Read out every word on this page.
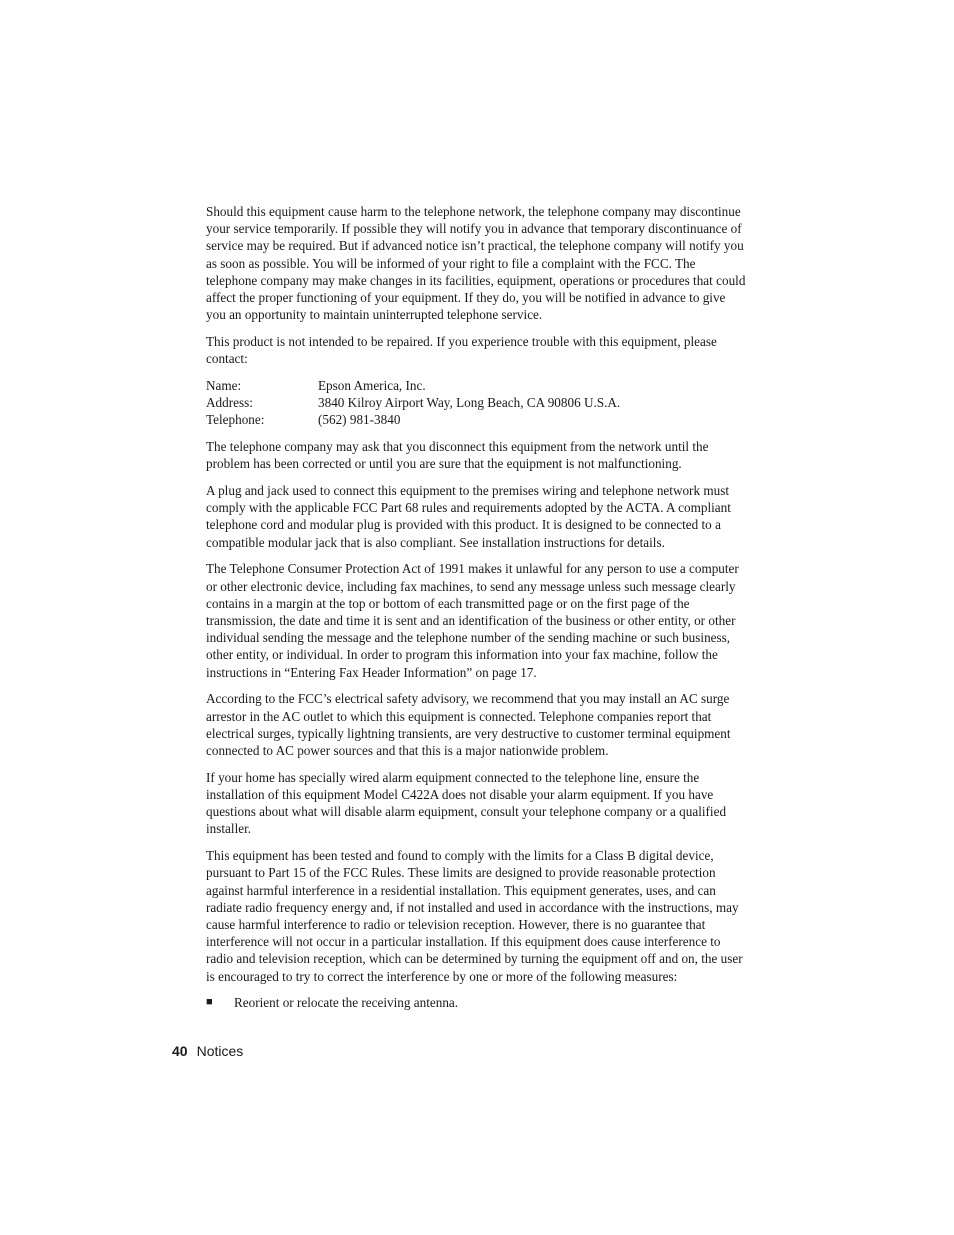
Should this equipment cause harm to the telephone network, the telephone company may discontinue your service temporarily. If possible they will notify you in advance that temporary discontinuance of service may be required. But if advanced notice isn’t practical, the telephone company will notify you as soon as possible. You will be informed of your right to file a complaint with the FCC. The telephone company may make changes in its facilities, equipment, operations or procedures that could affect the proper functioning of your equipment. If they do, you will be notified in advance to give you an opportunity to maintain uninterrupted telephone service.

This product is not intended to be repaired. If you experience trouble with this equipment, please contact:

Name:	Epson America, Inc.
Address:	3840 Kilroy Airport Way, Long Beach, CA 90806 U.S.A.
Telephone:	(562) 981-3840

The telephone company may ask that you disconnect this equipment from the network until the problem has been corrected or until you are sure that the equipment is not malfunctioning.

A plug and jack used to connect this equipment to the premises wiring and telephone network must comply with the applicable FCC Part 68 rules and requirements adopted by the ACTA. A compliant telephone cord and modular plug is provided with this product. It is designed to be connected to a compatible modular jack that is also compliant. See installation instructions for details.

The Telephone Consumer Protection Act of 1991 makes it unlawful for any person to use a computer or other electronic device, including fax machines, to send any message unless such message clearly contains in a margin at the top or bottom of each transmitted page or on the first page of the transmission, the date and time it is sent and an identification of the business or other entity, or other individual sending the message and the telephone number of the sending machine or such business, other entity, or individual. In order to program this information into your fax machine, follow the instructions in “Entering Fax Header Information” on page 17.

According to the FCC’s electrical safety advisory, we recommend that you may install an AC surge arrestor in the AC outlet to which this equipment is connected. Telephone companies report that electrical surges, typically lightning transients, are very destructive to customer terminal equipment connected to AC power sources and that this is a major nationwide problem.

If your home has specially wired alarm equipment connected to the telephone line, ensure the installation of this equipment Model C422A does not disable your alarm equipment. If you have questions about what will disable alarm equipment, consult your telephone company or a qualified installer.

This equipment has been tested and found to comply with the limits for a Class B digital device, pursuant to Part 15 of the FCC Rules. These limits are designed to provide reasonable protection against harmful interference in a residential installation. This equipment generates, uses, and can radiate radio frequency energy and, if not installed and used in accordance with the instructions, may cause harmful interference to radio or television reception. However, there is no guarantee that interference will not occur in a particular installation. If this equipment does cause interference to radio and television reception, which can be determined by turning the equipment off and on, the user is encouraged to try to correct the interference by one or more of the following measures:

■	Reorient or relocate the receiving antenna.
40 Notices
